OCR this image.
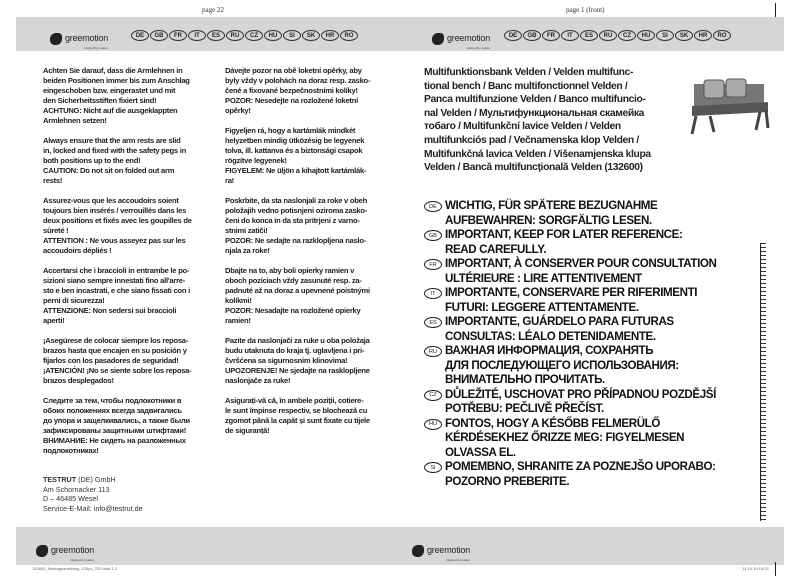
page 22	page 1 (front)
greemotion
inspired by nature
DE	GB	FR	IT	ES	RU	CZ	HU	SI	SK	HR	RO	greemotion
inspired by nature
DE	GB	FR	IT	ES	RU	CZ	HU	SI	SK	HR	RO

Achten Sie darauf, dass die Armlehnen in
beiden Positionen immer bis zum Anschlag
eingeschoben bzw. eingerastet und mit
den Sicherheitsstiften fixiert sind!
ACHTUNG: Nicht auf die ausgeklappten
Armlehnen setzen!

Always ensure that the arm rests are slid
in, locked and fixed with the safety pegs in
both positions up to the end!
CAUTION: Do not sit on folded out arm
rests!

Assurez-vous que les accoudoirs soient
toujours bien insérés / verrouillés dans les
deux positions et fixés avec les goupilles de
sûreté !
ATTENTION : Ne vous asseyez pas sur les
accoudoirs dépliés !

Accertarsi che i braccioli in entrambe le po-
sizioni siano sempre innestati fino all'arre-
sto e ben incastrati, e che siano fissati con i
perni di sicurezza!
ATTENZIONE: Non sedersi sui braccioli
aperti!

¡Asegúrese de colocar siempre los reposa-
brazos hasta que encajen en su posición y
fijarlos con los pasadores de seguridad!
¡ATENCIÓN! ¡No se siente sobre los reposa-
brazos desplegados!

Следите за тем, чтобы подлокотники в
обоих положениях всегда задвигались
до упора и защелкивались, а также были
зафиксированы защитными штифтами!
ВНИМАНИЕ: Не сидеть на разложенных
подлокотниках!

Dávejte pozor na obě loketní opěrky, aby
byly vždy v polohách na doraz resp. zasko-
čené a fixované bezpečnostními kolíky!
POZOR: Nesedejte na rozložené loketní
opěrky!

Figyeljen rá, hogy a kartámlák mindkét
helyzetben mindig ütközésig be legyenek
tolva, ill. kattanva és a biztonsági csapok
rögzítve legyenek!
FIGYELEM: Ne üljön a kihajtott kartámlák-
ra!

Poskrbite, da sta naslonjali za roke v obeh
položajih vedno potisnjeni oziroma zasko-
čeni do konca in da sta pritrjeni z varno-
stnimi zatiči!
POZOR: Ne sedajte na razklopljena naslo-
njala za roke!

Dbajte na to, aby boli opierky ramien v
oboch pozíciach vždy zasunuté resp. za-
padnuté až na doraz a upevnené poistnými
kolíkmi!
POZOR: Nesadajte na rozložené opierky
ramien!

Pazite da naslonjači za ruke u oba položaja
budu utaknuta do kraja tj. uglavljena i pri-
čvršćena sa sigurnosnim klinovima!
UPOZORENJE! Ne sjedajte na rasklopljene
naslonjače za ruke!

Asigurați-vă că, în ambele poziții, cotiere-
le sunt împinse respectiv, se blochează cu
zgomot până la capăt și sunt fixate cu tijele
de siguranță!

TESTRUT (DE) GmbH
Am Schornacker 113
D – 46485 Wesel
Service-E-Mail: info@testrut.de
Multifunktionsbank Velden / Velden multifunc-
tional bench / Banc multifonctionnel Velden /
Panca multifunzione Velden / Banco multifuncio-
nal Velden / Мультифункциональная скамейка
тобаго / Multifunkční lavice Velden / Velden
multifunkciós pad / Večnamenska klop Velden /
Multifunkčná lavica Velden / Višenamjenska klupa
Velden / Bancă multifuncţională Velden (132600)
DE WICHTIG, FÜR SPÄTERE BEZUGNAHME
AUFBEWAHREN: SORGFÄLTIG LESEN.
GB IMPORTANT, KEEP FOR LATER REFERENCE:
READ CAREFULLY.
FR IMPORTANT, À CONSERVER POUR CONSULTATION
ULTÉRIEURE : LIRE ATTENTIVEMENT
IT IMPORTANTE, CONSERVARE PER RIFERIMENTI
FUTURI: LEGGERE ATTENTAMENTE.
ES IMPORTANTE, GUÁRDELO PARA FUTURAS
CONSULTAS: LÉALO DETENIDAMENTE.
RU ВАЖНАЯ ИНФОРМАЦИЯ, СОХРАНЯТЬ
ДЛЯ ПОСЛЕДУЮЩЕГО ИСПОЛЬЗОВАНИЯ:
ВНИМАТЕЛЬНО ПРОЧИТАТЬ.
CZ DŮLEŽITÉ, USCHOVAT PRO PŘÍPADNOU POZDĚJŠÍ
POTŘEBU: PEČLIVĚ PŘEČÍST.
HU FONTOS, HOGY A KÉSŐBB FELMERÜLŐ
KÉRDÉSEKHEZ ŐRIZZE MEG: FIGYELMESEN
OLVASSA EL.
SI POMEMBNO, SHRANITE ZA POZNEJŠO UPORABO:
POZORNO PREBERITE.
greemotion
inspired by nature
greemotion
inspired by nature
132600_Montageanleitung_120px_22S.indd 1-2	14.10.19 16:02
